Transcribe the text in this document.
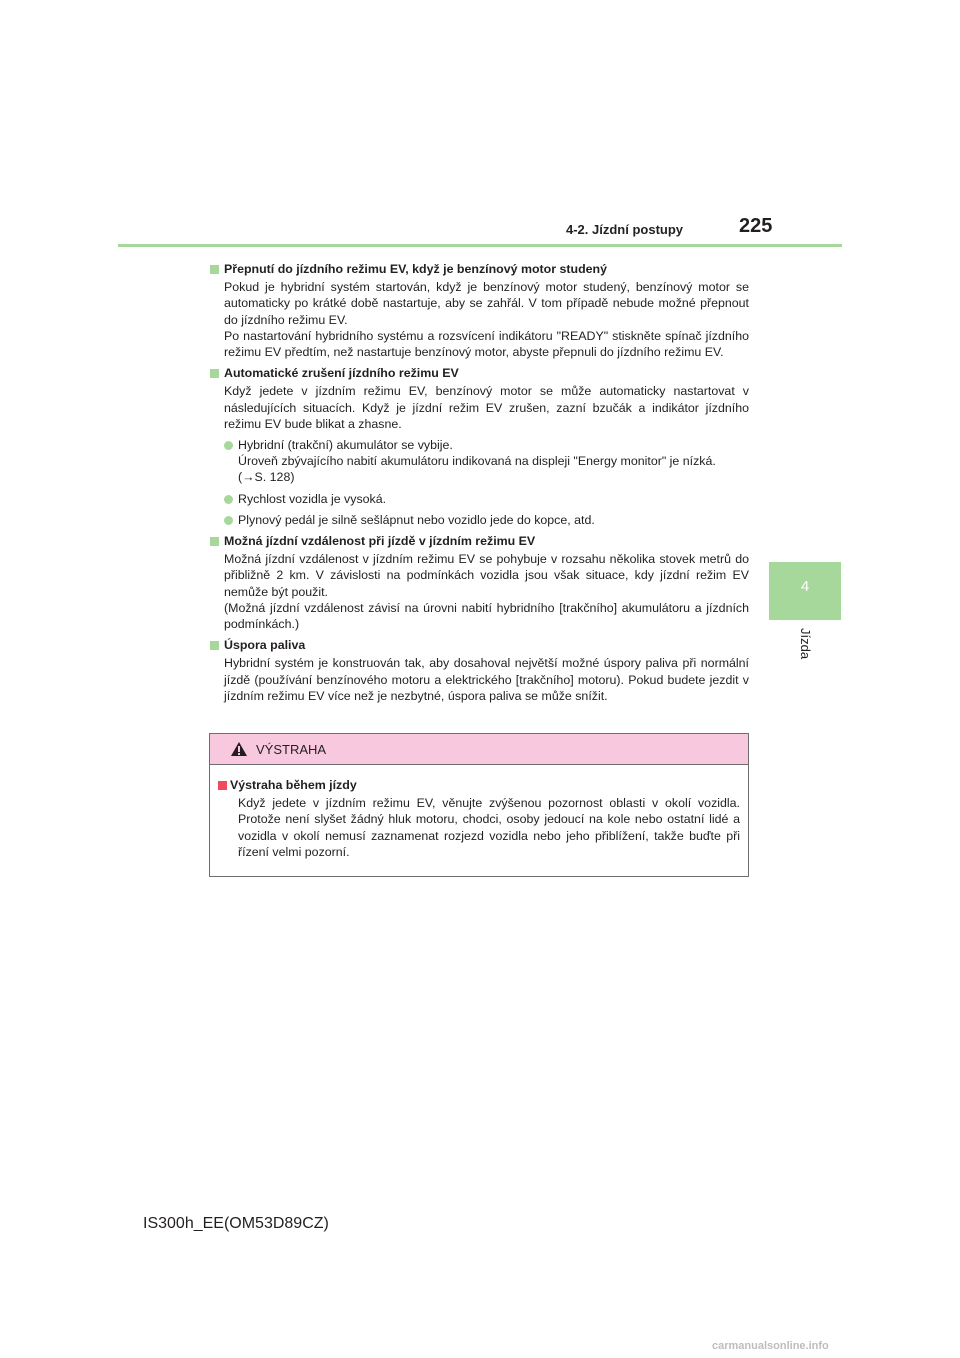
4-2. Jízdní postupy	225
4
Jízda
Přepnutí do jízdního režimu EV, když je benzínový motor studený
Pokud je hybridní systém startován, když je benzínový motor studený, benzínový motor se automaticky po krátké době nastartuje, aby se zahřál. V tom případě nebude možné přepnout do jízdního režimu EV.
Po nastartování hybridního systému a rozsvícení indikátoru "READY" stiskněte spínač jízdního režimu EV předtím, než nastartuje benzínový motor, abyste přepnuli do jízdního režimu EV.
Automatické zrušení jízdního režimu EV
Když jedete v jízdním režimu EV, benzínový motor se může automaticky nastartovat v následujících situacích. Když je jízdní režim EV zrušen, zazní bzučák a indikátor jízdního režimu EV bude blikat a zhasne.
Hybridní (trakční) akumulátor se vybije.
Úroveň zbývajícího nabití akumulátoru indikovaná na displeji "Energy monitor" je nízká.
(→S. 128)
Rychlost vozidla je vysoká.
Plynový pedál je silně sešlápnut nebo vozidlo jede do kopce, atd.
Možná jízdní vzdálenost při jízdě v jízdním režimu EV
Možná jízdní vzdálenost v jízdním režimu EV se pohybuje v rozsahu několika stovek metrů do přibližně 2 km. V závislosti na podmínkách vozidla jsou však situace, kdy jízdní režim EV nemůže být použit.
(Možná jízdní vzdálenost závisí na úrovni nabití hybridního [trakčního] akumulátoru a jízdních podmínkách.)
Úspora paliva
Hybridní systém je konstruován tak, aby dosahoval největší možné úspory paliva při normální jízdě (používání benzínového motoru a elektrického [trakčního] motoru). Pokud budete jezdit v jízdním režimu EV více než je nezbytné, úspora paliva se může snížit.
VÝSTRAHA
Výstraha během jízdy
Když jedete v jízdním režimu EV, věnujte zvýšenou pozornost oblasti v okolí vozidla. Protože není slyšet žádný hluk motoru, chodci, osoby jedoucí na kole nebo ostatní lidé a vozidla v okolí nemusí zaznamenat rozjezd vozidla nebo jeho přiblížení, takže buďte při řízení velmi pozorní.
IS300h_EE(OM53D89CZ)
carmanualsonline.info
